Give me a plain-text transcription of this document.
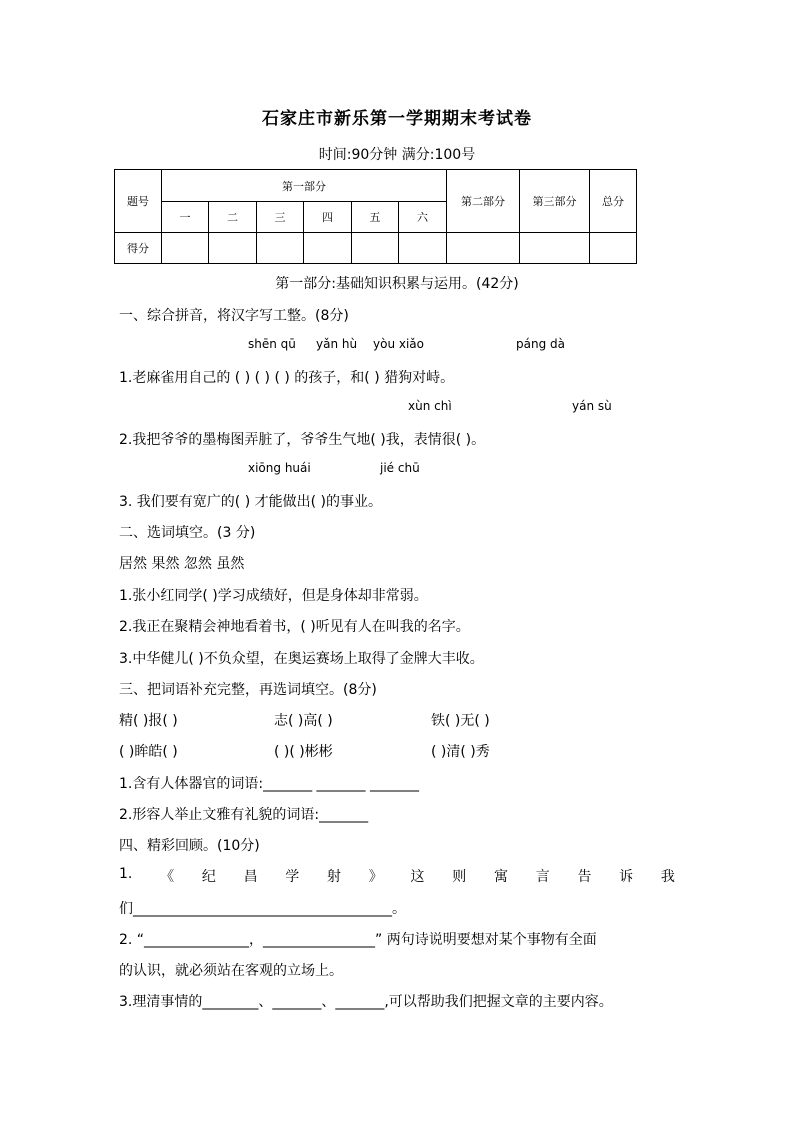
石家庄市新乐第一学期期末考试卷
时间:90分钟 满分:100号
题号	第一部分						第二部分	第三部分	总分
	一	二	三	四	五	六			
得分									
第一部分:基础知识积累与运用。(42分)
一、综合拼音，将汉字写工整。(8分)
shēn qū yǎn hù yòu xiǎo	páng dà
1.老麻雀用自己的 ( ) ( ) ( ) 的孩子，和( ) 猎狗对峙。
xùn chì	yán sù
2.我把爷爷的墨梅图弄脏了，爷爷生气地( )我，表情很( )。
xiōng huái	jié chū
3. 我们要有宽广的( ) 才能做出( )的事业。
二、选词填空。(3 分)
居然 果然 忽然 虽然
1.张小红同学( )学习成绩好，但是身体却非常弱。
2.我正在聚精会神地看着书，( )听见有人在叫我的名字。
3.中华健儿( )不负众望，在奥运赛场上取得了金牌大丰收。
三、把词语补充完整，再选词填空。(8分)
精( )报( )	志( )高( )	铁( )无( )
( )眸皓( )	( )( )彬彬	( )清( )秀
1.含有人体器官的词语:_______ _______ _______
2.形容人举止文雅有礼貌的词语:_______
四、精彩回顾。(10分)
1. 《 纪 昌 学 射 》 这 则 寓 言 告 诉 我
们_____________________________________。
2. “_______________，________________” 两句诗说明要想对某个事物有全面
的认识，就必须站在客观的立场上。
3.理清事情的________、_______、_______,可以帮助我们把握文章的主要内容。
